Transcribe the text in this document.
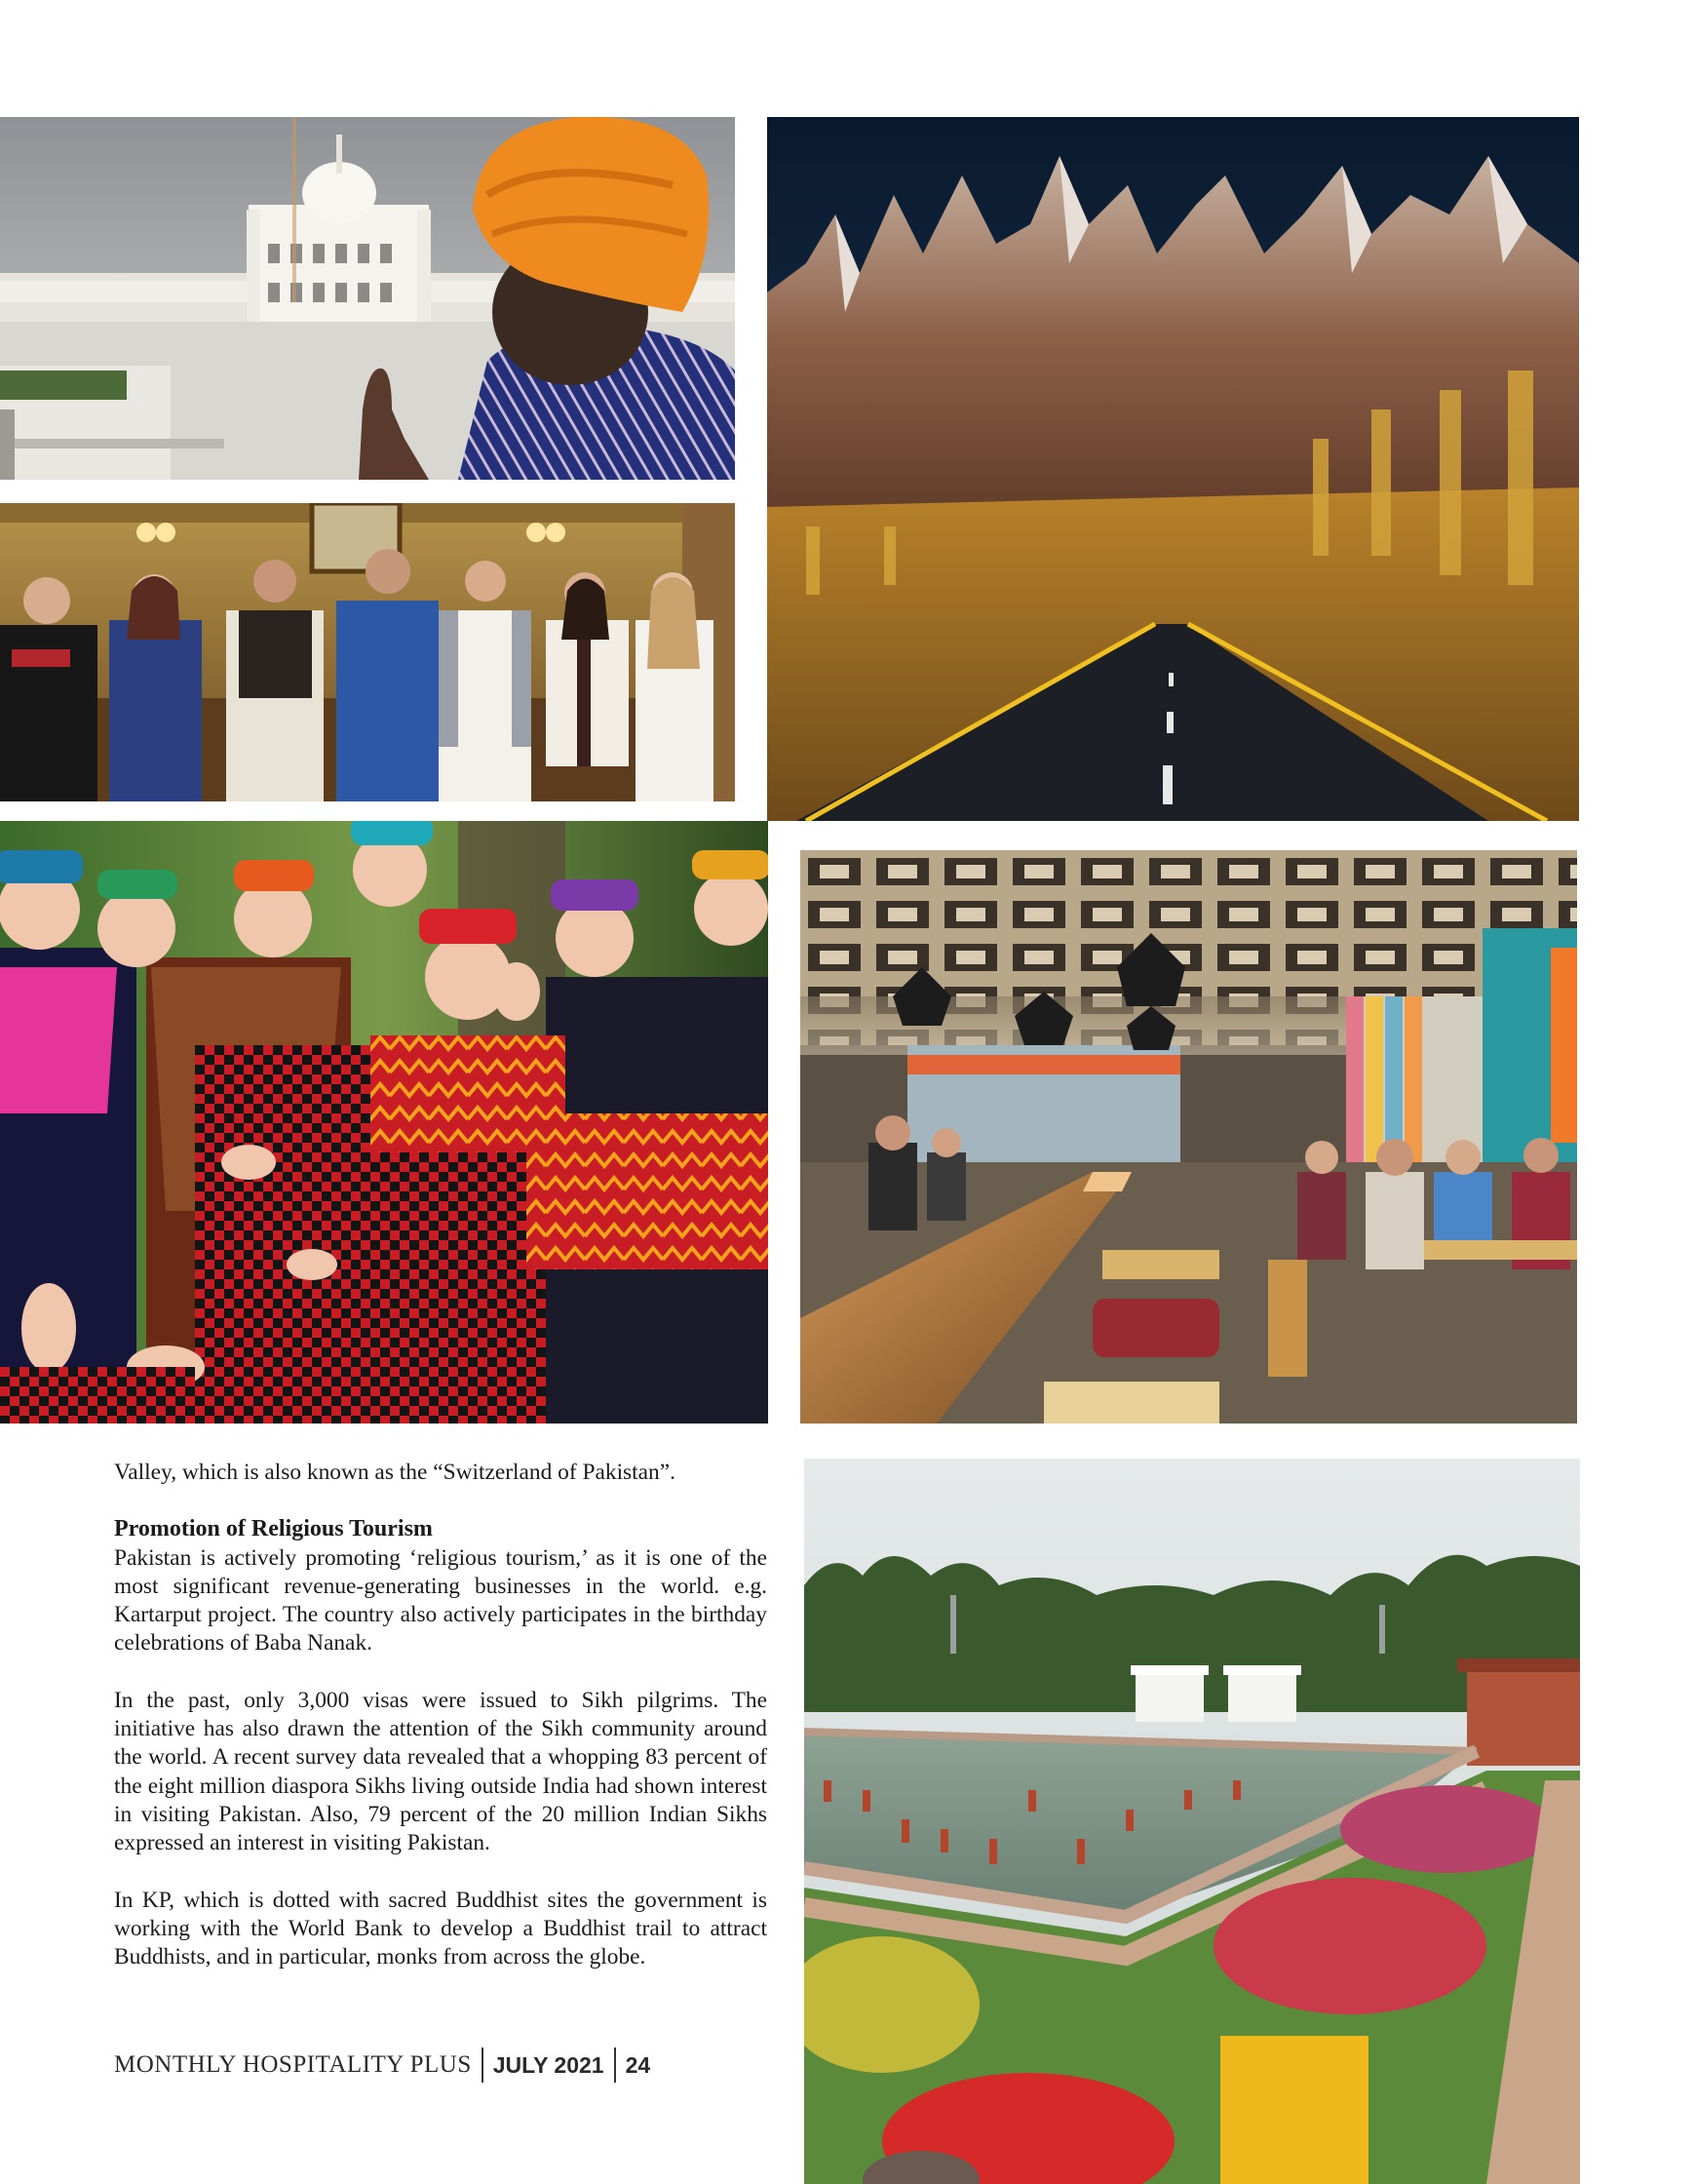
Valley, which is also known as the “Switzerland of Pakistan”.

Promotion of Religious Tourism

Pakistan is actively promoting ‘religious tourism,’ as it is one of the most significant revenue-generating businesses in the world. e.g. Kartarput project. The country also actively participates in the birthday celebrations of Baba Nanak.

In the past, only 3,000 visas were issued to Sikh pilgrims. The initiative has also drawn the attention of the Sikh community around the world. A recent survey data revealed that a whopping 83 percent of the eight million diaspora Sikhs living outside India had shown interest in visiting Pakistan. Also, 79 percent of the 20 million Indian Sikhs expressed an interest in visiting Pakistan.

In KP, which is dotted with sacred Buddhist sites the government is working with the World Bank to develop a Buddhist trail to attract Buddhists, and in particular, monks from across the globe.

MONTHLY HOSPITALITY PLUS JULY 2021 24
